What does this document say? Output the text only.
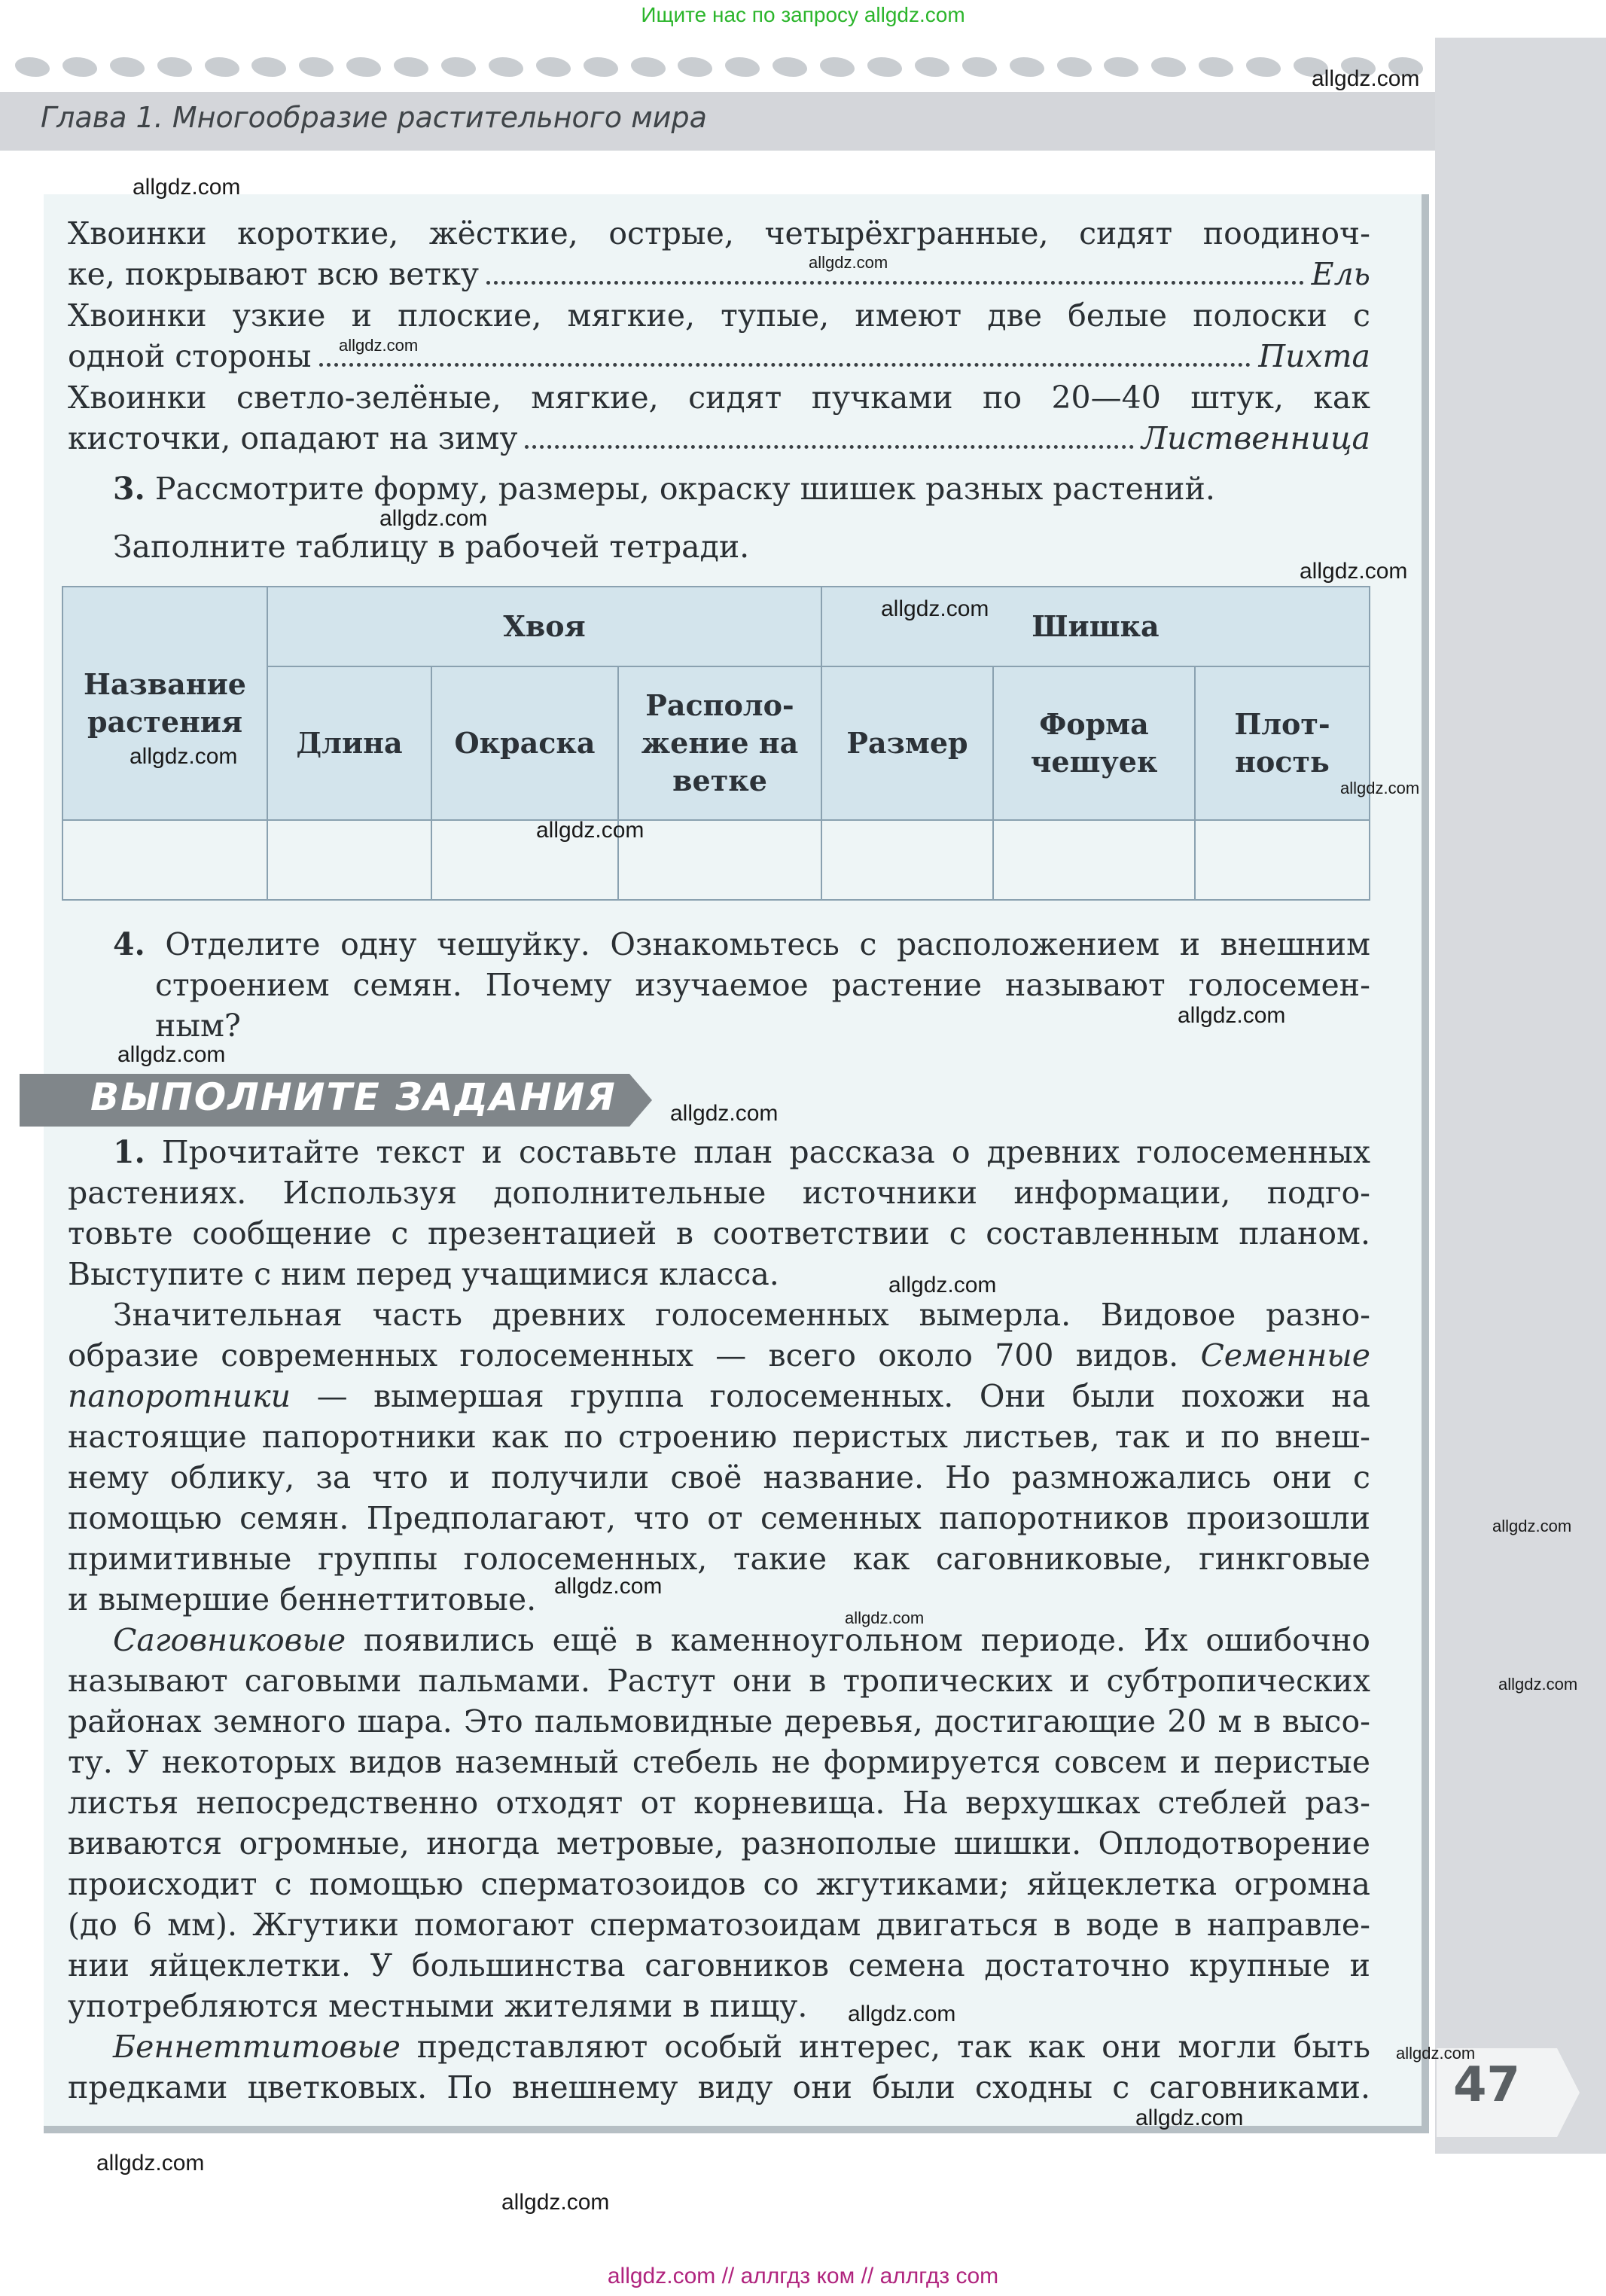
Ищите нас по запросу allgdz.com
Глава 1. Многообразие растительного мира
Хвоинки короткие, жёсткие, острые, четырёхгранные, сидят поодиноч-
ке, покрывают всю ветку	Ель
Хвоинки узкие и плоские, мягкие, тупые, имеют две белые полоски с
одной стороны	Пихта
Хвоинки светло-зелёные, мягкие, сидят пучками по 20—40 штук, как
кисточки, опадают на зиму	Лиственница
3. Рассмотрите форму, размеры, окраску шишек разных растений.
Заполните таблицу в рабочей тетради.
Название растения	Хвоя			Шишка		
	Длина	Окраска	Располо-жение на ветке	Размер	Форма чешуек	Плот-ность

4. Отделите одну чешуйку. Ознакомьтесь с расположением и внешним
строением семян. Почему изучаемое растение называют голосемен-
ным?
ВЫПОЛНИТЕ ЗАДАНИЯ
1. Прочитайте текст и составьте план рассказа о древних голосеменных
растениях. Используя дополнительные источники информации, подго-
товьте сообщение с презентацией в соответствии с составленным планом.
Выступите с ним перед учащимися класса.
Значительная часть древних голосеменных вымерла. Видовое разно-
образие современных голосеменных — всего около 700 видов. Семенные
папоротники — вымершая группа голосеменных. Они были похожи на
настоящие папоротники как по строению перистых листьев, так и по внеш-
нему облику, за что и получили своё название. Но размножались они с
помощью семян. Предполагают, что от семенных папоротников произошли
примитивные группы голосеменных, такие как саговниковые, гинкговые
и вымершие беннеттитовые.
Саговниковые появились ещё в каменноугольном периоде. Их ошибочно
называют саговыми пальмами. Растут они в тропических и субтропических
районах земного шара. Это пальмовидные деревья, достигающие 20 м в высо-
ту. У некоторых видов наземный стебель не формируется совсем и перистые
листья непосредственно отходят от корневища. На верхушках стеблей раз-
виваются огромные, иногда метровые, разнополые шишки. Оплодотворение
происходит с помощью сперматозоидов со жгутиками; яйцеклетка огромна
(до 6 мм). Жгутики помогают сперматозоидам двигаться в воде в направле-
нии яйцеклетки. У большинства саговников семена достаточно крупные и
употребляются местными жителями в пищу.
Беннеттитовые представляют особый интерес, так как они могли быть
предками цветковых. По внешнему виду они были сходны с саговниками. 47
allgdz.com
allgdz.com
allgdz.com
allgdz.com
allgdz.com
allgdz.com
allgdz.com
allgdz.com
allgdz.com
allgdz.com
allgdz.com
allgdz.com
allgdz.com
allgdz.com
allgdz.com
allgdz.com
allgdz.com
allgdz.com
allgdz.com
allgdz.com
allgdz.com
allgdz.com
allgdz.com
allgdz.com // аллгдз ком // аллгдз com
